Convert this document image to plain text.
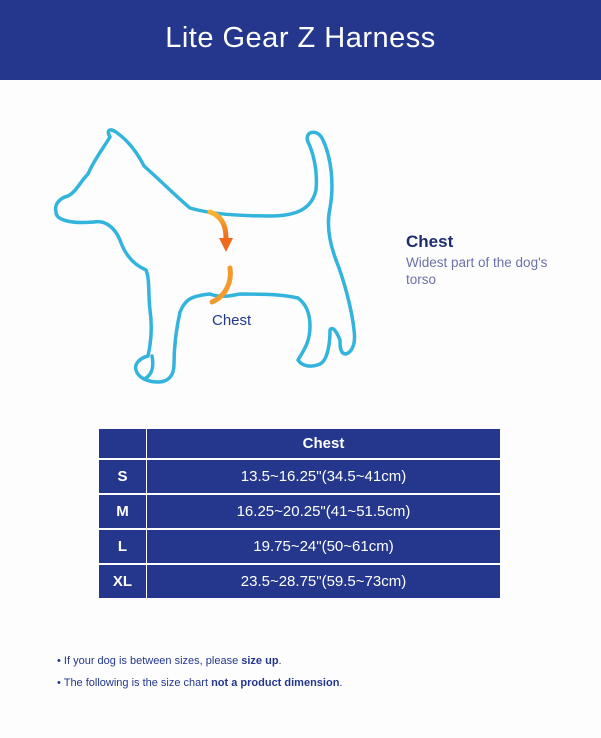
Lite Gear Z Harness
Chest
Chest
Widest part of the dog's torso
	Chest
S	13.5~16.25"(34.5~41cm)
M	16.25~20.25"(41~51.5cm)
L	19.75~24"(50~61cm)
XL	23.5~28.75"(59.5~73cm)
• If your dog is between sizes, please size up.
• The following is the size chart not a product dimension.
